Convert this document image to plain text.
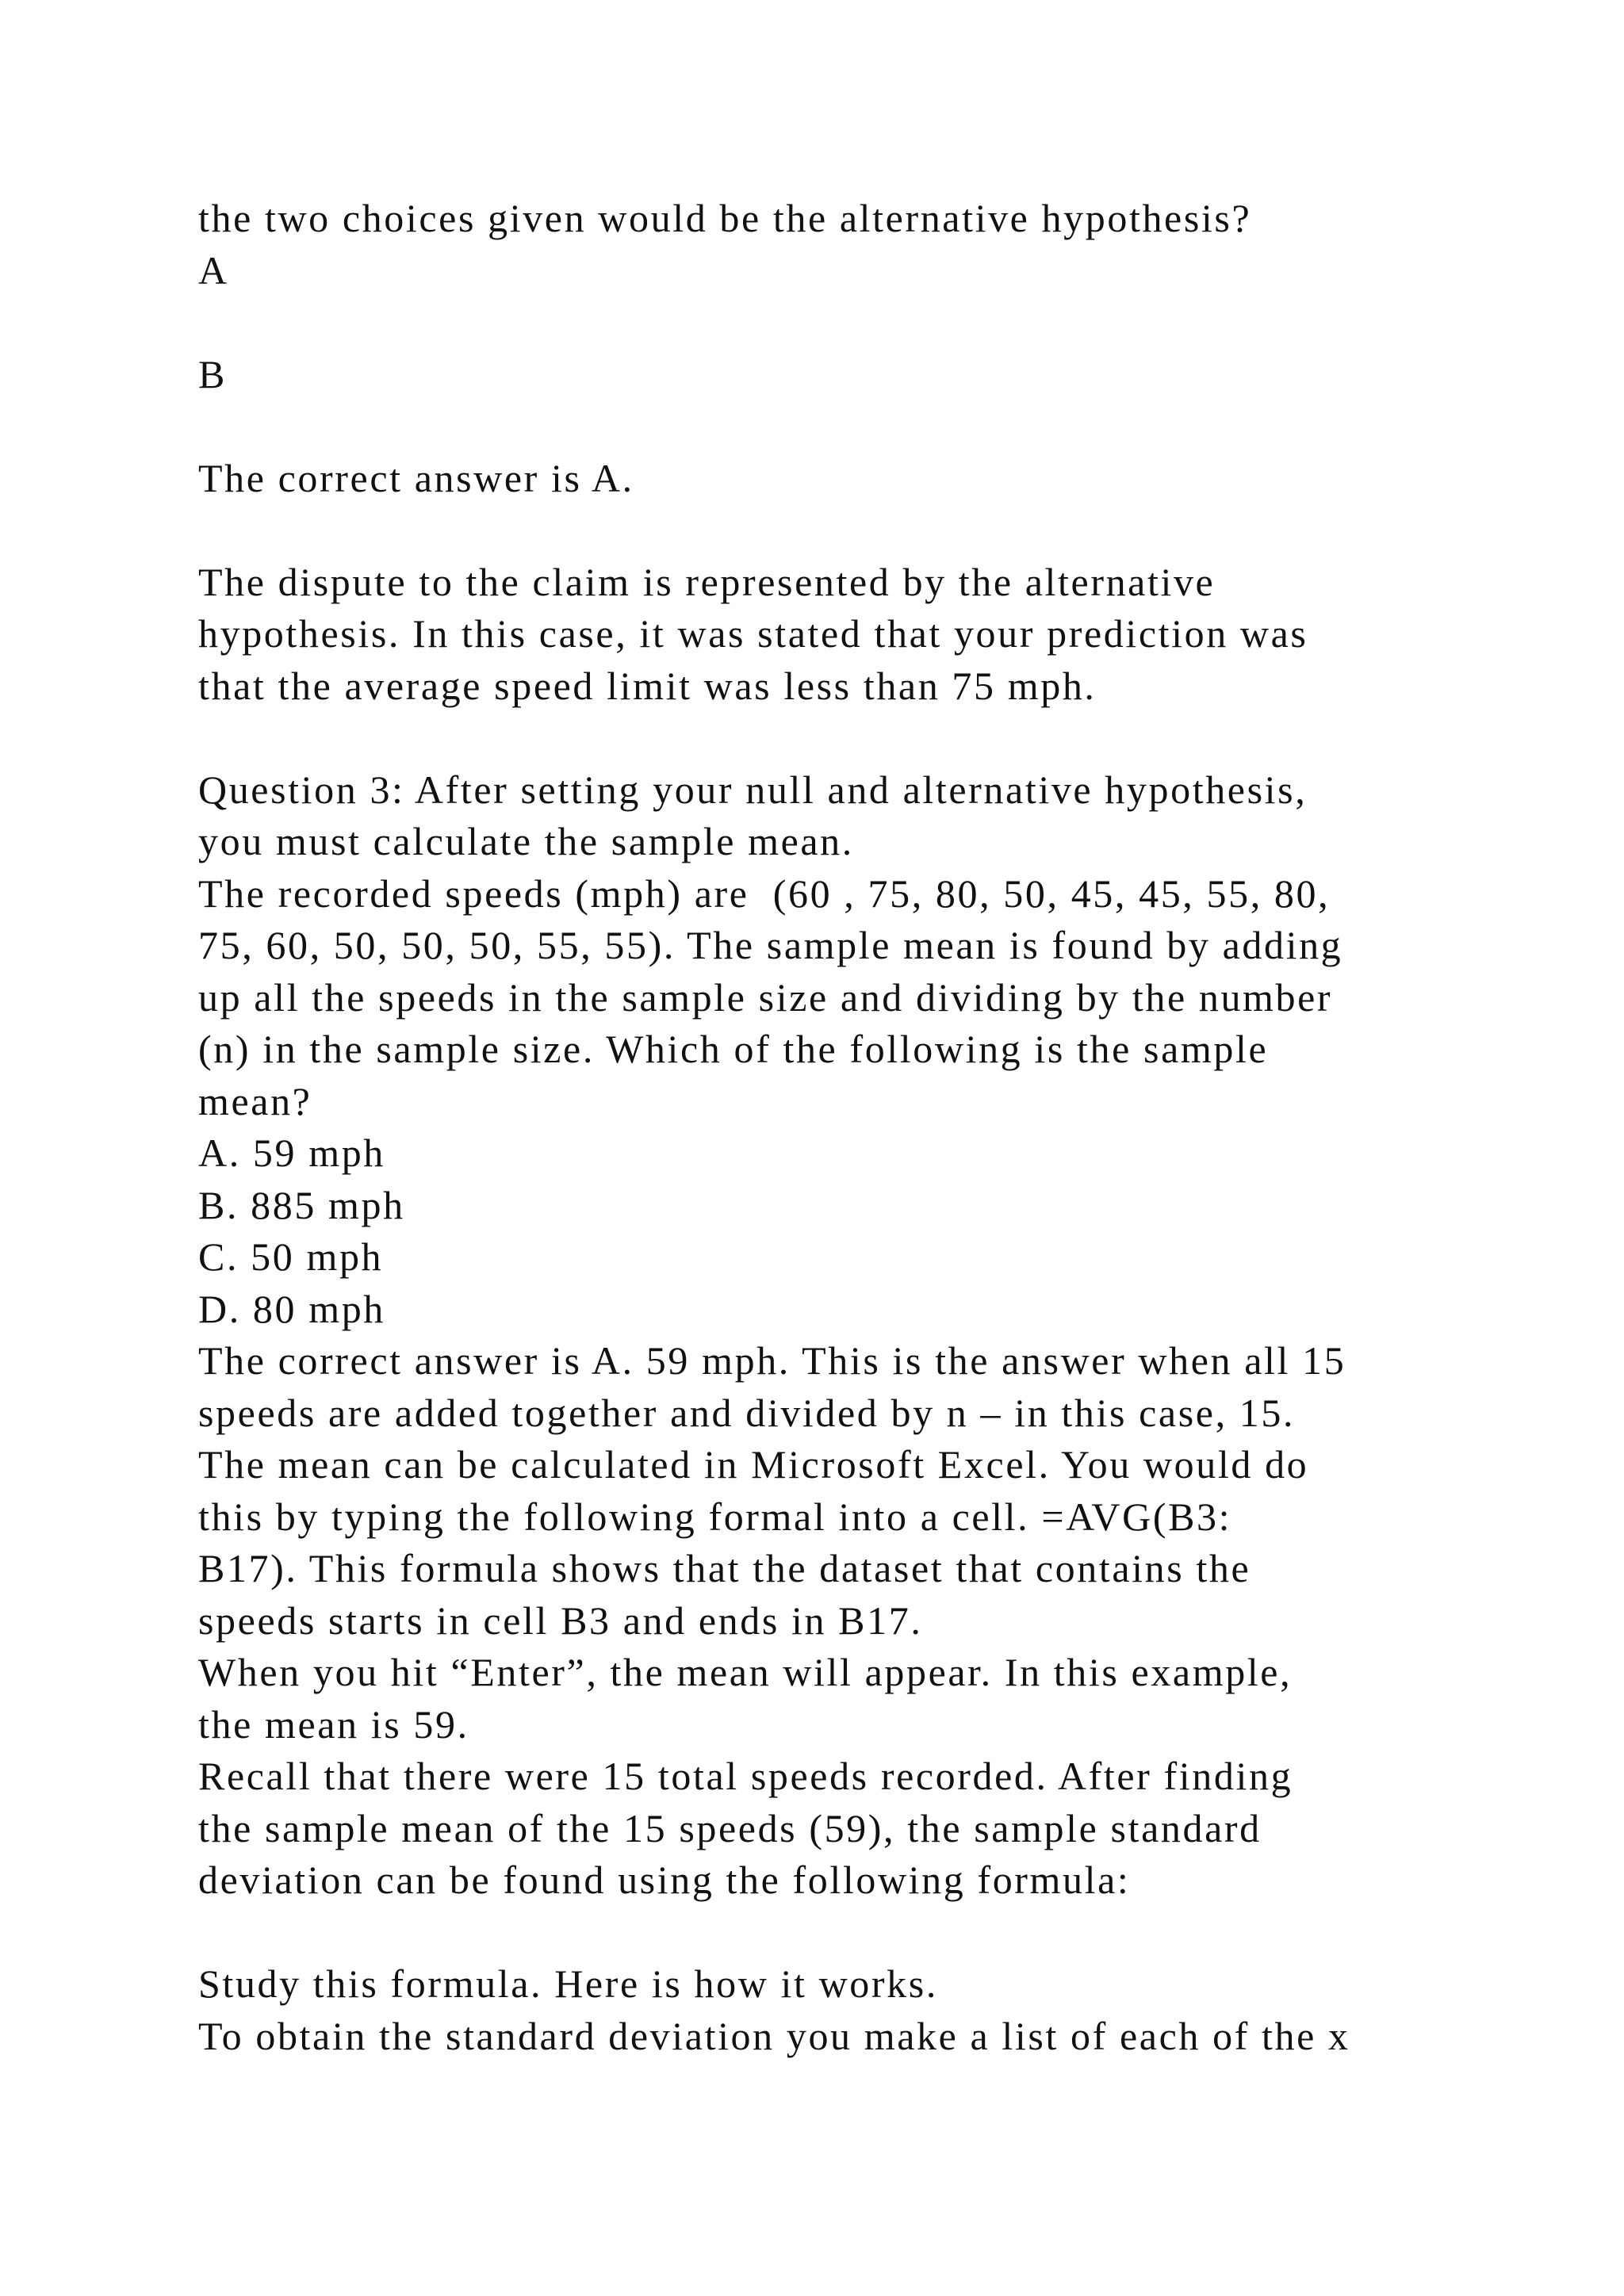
the two choices given would be the alternative hypothesis?
A
B
The correct answer is A.
The dispute to the claim is represented by the alternative
hypothesis. In this case, it was stated that your prediction was
that the average speed limit was less than 75 mph.
Question 3: After setting your null and alternative hypothesis,
you must calculate the sample mean.
The recorded speeds (mph) are  (60 , 75, 80, 50, 45, 45, 55, 80,
75, 60, 50, 50, 50, 55, 55). The sample mean is found by adding
up all the speeds in the sample size and dividing by the number
(n) in the sample size. Which of the following is the sample
mean?
A. 59 mph
B. 885 mph
C. 50 mph
D. 80 mph
The correct answer is A. 59 mph. This is the answer when all 15
speeds are added together and divided by n – in this case, 15.
The mean can be calculated in Microsoft Excel. You would do
this by typing the following formal into a cell. =AVG(B3:
B17). This formula shows that the dataset that contains the
speeds starts in cell B3 and ends in B17.
When you hit “Enter”, the mean will appear. In this example,
the mean is 59.
Recall that there were 15 total speeds recorded. After finding
the sample mean of the 15 speeds (59), the sample standard
deviation can be found using the following formula:
Study this formula. Here is how it works.
To obtain the standard deviation you make a list of each of the x
